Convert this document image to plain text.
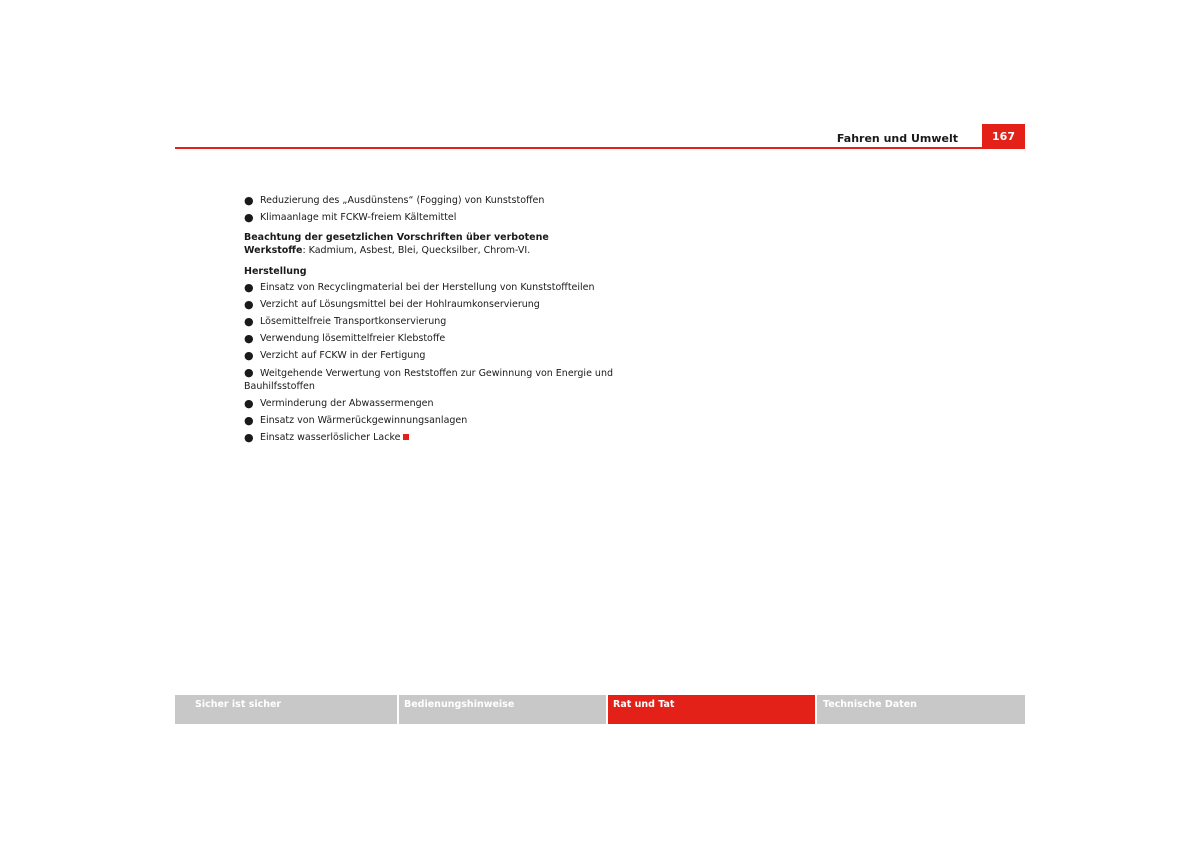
Fahren und Umwelt	167
● Reduzierung des „Ausdünstens“ (Fogging) von Kunststoffen
● Klimaanlage mit FCKW-freiem Kältemittel
Beachtung der gesetzlichen Vorschriften über verbotene
Werkstoffe: Kadmium, Asbest, Blei, Quecksilber, Chrom-VI.
Herstellung
● Einsatz von Recyclingmaterial bei der Herstellung von Kunststoffteilen
● Verzicht auf Lösungsmittel bei der Hohlraumkonservierung
● Lösemittelfreie Transportkonservierung
● Verwendung lösemittelfreier Klebstoffe
● Verzicht auf FCKW in der Fertigung
● Weitgehende Verwertung von Reststoffen zur Gewinnung von Energie und Bauhilfsstoffen
● Verminderung der Abwassermengen
● Einsatz von Wärmerückgewinnungsanlagen
● Einsatz wasserlöslicher Lacke
Sicher ist sicher	Bedienungshinweise	Rat und Tat	Technische Daten
